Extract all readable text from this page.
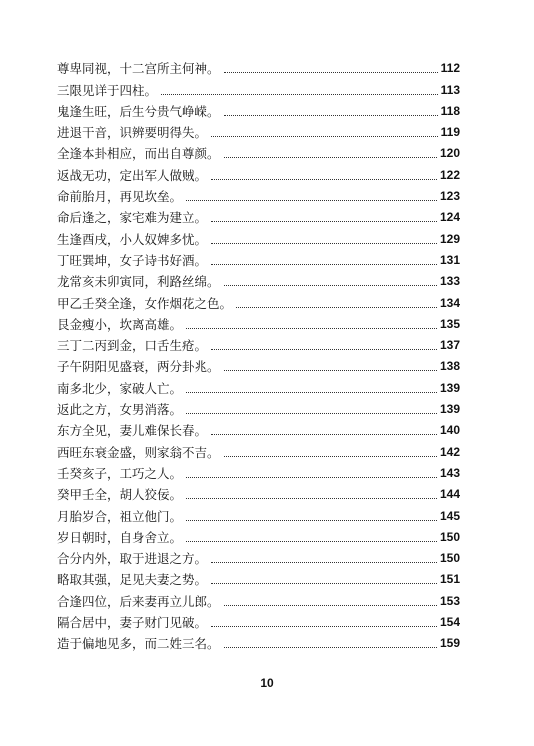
尊卑同视，十二宫所主何神。	112
三限见详于四柱。	113
鬼逢生旺，后生兮贵气峥嵘。	118
进退干音，识辨要明得失。	119
全逢本卦相应，而出自尊颜。	120
返战无功，定出军人做贼。	122
命前胎月，再见坎垒。	123
命后逢之，家宅难为建立。	124
生逢酉戌，小人奴婢多忧。	129
丁旺巽坤，女子诗书好酒。	131
龙常亥未卯寅同，利路丝绵。	133
甲乙壬癸全逢，女作烟花之色。	134
艮金瘦小，坎离高雄。	135
三丁二丙到金，口舌生疮。	137
子午阴阳见盛衰，两分卦兆。	138
南多北少，家破人亡。	139
返此之方，女男消落。	139
东方全见，妻儿难保长春。	140
西旺东衰金盛，则家翁不吉。	142
壬癸亥子，工巧之人。	143
癸甲壬全，胡人狡佞。	144
月胎岁合，祖立他门。	145
岁日朝时，自身舍立。	150
合分内外，取于进退之方。	150
略取其强，足见夫妻之势。	151
合逢四位，后来妻再立儿郎。	153
隔合居中，妻子财门见破。	154
造于偏地见多，而二姓三名。	159
10
